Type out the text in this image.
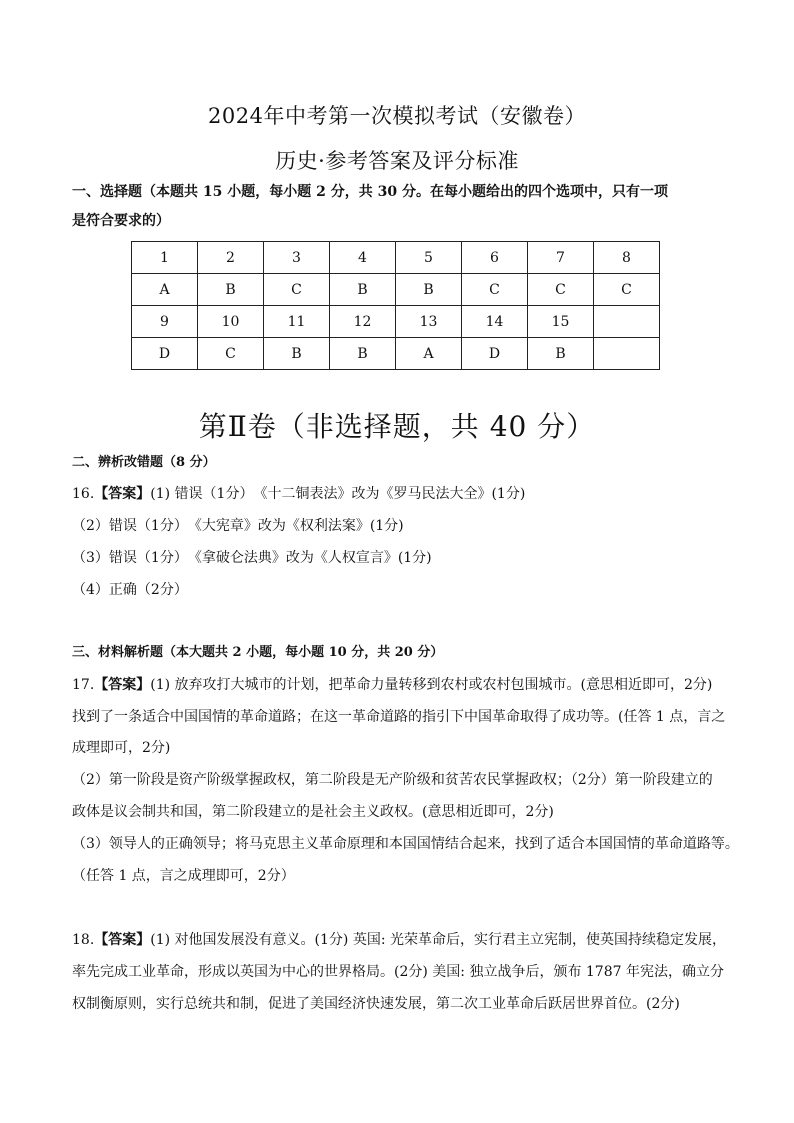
2024年中考第一次模拟考试（安徽卷）
历史·参考答案及评分标准
一、选择题（本题共 15 小题，每小题 2 分，共 30 分。在每小题给出的四个选项中，只有一项
是符合要求的）
1	2	3	4	5	6	7	8
A	B	C	B	B	C	C	C
9	10	11	12	13	14	15	
D	C	B	B	A	D	B	
第Ⅱ卷（非选择题，共 40 分）
二、辨析改错题（8 分）
16.【答案】(1) 错误（1分）　《十二铜表法》改为《罗马民法大全》(1分)
（2）错误（1分）　《大宪章》改为《权利法案》(1分)
（3）错误（1分）　《拿破仑法典》改为《人权宣言》(1分)
（4）正确（2分）
三、材料解析题（本大题共 2 小题，每小题 10 分，共 20 分）
17.【答案】(1) 放弃攻打大城市的计划，把革命力量转移到农村或农村包围城市。(意思相近即可，2分)
找到了一条适合中国国情的革命道路；在这一革命道路的指引下中国革命取得了成功等。(任答 1 点，言之
成理即可，2分)
（2）第一阶段是资产阶级掌握政权，第二阶段是无产阶级和贫苦农民掌握政权；（2分）第一阶段建立的
政体是议会制共和国，第二阶段建立的是社会主义政权。(意思相近即可，2分)
（3）领导人的正确领导；将马克思主义革命原理和本国国情结合起来，找到了适合本国国情的革命道路等。
（任答 1 点，言之成理即可，2分）
18.【答案】(1) 对他国发展没有意义。(1分) 英国: 光荣革命后，实行君主立宪制，使英国持续稳定发展，
率先完成工业革命，形成以英国为中心的世界格局。(2分) 美国: 独立战争后，颁布 1787 年宪法，确立分
权制衡原则，实行总统共和制，促进了美国经济快速发展，第二次工业革命后跃居世界首位。(2分)
